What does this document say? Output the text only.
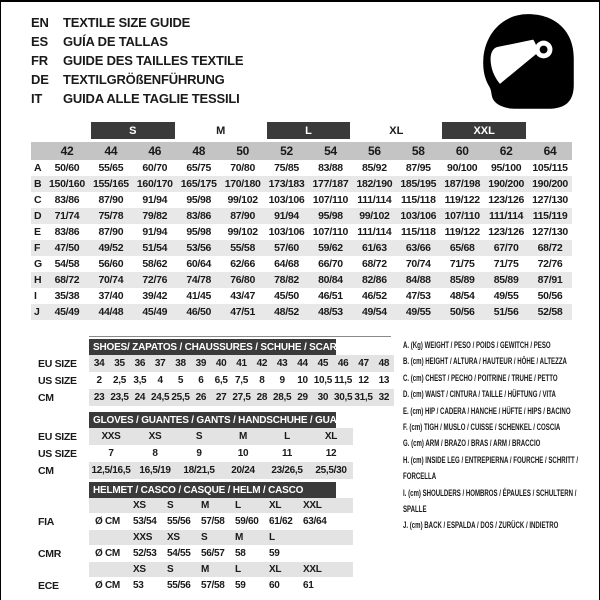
EN	TEXTILE SIZE GUIDE
ES	GUÍA DE TALLAS
FR	GUIDE DES TAILLES TEXTILE
DE	TEXTILGRÖßENFÜHRUNG
IT	GUIDA ALLE TAGLIE TESSILI
S	M	L	XL	XXL
42	44	46	48	50	52	54	56	58	60	62	64
A	50/60	55/65	60/70	65/75	70/80	75/85	83/88	85/92	87/95	90/100	95/100	105/115
B 150/160 155/165 160/170 165/175 170/180 173/183 177/187 182/190 185/195 187/198 190/200 190/200
C	83/86	87/90	91/94	95/98	99/102	103/106 107/110 111/114 115/118 119/122 123/126 127/130
D	71/74	75/78	79/82	83/86	87/90	91/94	95/98	99/102	103/106 107/110 111/114 115/119
E	83/86	87/90	91/94	95/98	99/102	103/106 107/110 111/114 115/118 119/122 123/126 127/130
F	47/50	49/52	51/54	53/56	55/58	57/60	59/62	61/63	63/66	65/68	67/70	68/72
G	54/58	56/60	58/62	60/64	62/66	64/68	66/70	68/72	70/74	71/75	71/75	72/76
H	68/72	70/74	72/76	74/78	76/80	78/82	80/84	82/86	84/88	85/89	85/89	87/91
I	35/38	37/40	39/42	41/45	43/47	45/50	46/51	46/52	47/53	48/54	49/55	50/56
J	45/49	44/48	45/49	46/50	47/51	48/52	48/53	49/54	49/55	50/56	51/56	52/58
SHOES/ ZAPATOS / CHAUSSURES / SCHUHE / SCARPE
EU SIZE	34 35 36 37 38 39 40 41 42 43 44 45 46 47 48
US SIZE	2	2,5 3,5	4	5	6	6,5 7,5	8	9	10 10,5 11,5 12 13
CM	23 23,5 24 24,5 25,5 26 27 27,5 28 28,5 29 30 30,5 31,5 32
GLOVES / GUANTES / GANTS / HANDSCHUHE / GUANTI
EU SIZE	XXS	XS	S	M	L	XL
US SIZE	7	8	9	10	11	12
CM	12,5/16,5 16,5/19	18/21,5	20/24	23/26,5	25,5/30
HELMET / CASCO / CASQUE / HELM / CASCO
XS	S	M	L	XL	XXL
FIA	Ø CM	53/54	55/56	57/58	59/60	61/62	63/64
XXS	XS	S	M	L
CMR	Ø CM	52/53	54/55	56/57	58	59
XS	S	M	L	XL	XXL
ECE	Ø CM	53	55/56	57/58	59	60	61
A. (Kg) WEIGHT / PESO / POIDS / GEWITCH / PESO
B. (cm) HEIGHT / ALTURA / HAUTEUR / HÖHE / ALTEZZA
C. (cm) CHEST / PECHO / POITRINE / TRUHE / PETTO
D. (cm) WAIST / CINTURA / TAILLE / HÜFTUNG / VITA
E. (cm) HIP / CADERA / HANCHE / HÜFTE / HIPS / BACINO
F. (cm) TIGH / MUSLO / CUISSE / SCHENKEL / COSCIA
G. (cm) ARM / BRAZO / BRAS / ARM / BRACCIO
H. (cm) INSIDE LEG / ENTREPIERNA / FOURCHE / SCHRITT / FORCELLA
I. (cm) SHOULDERS / HOMBROS / ÉPAULES / SCHULTERN / SPALLE
J. (cm) BACK / ESPALDA / DOS / ZURÜCK / INDIETRO
